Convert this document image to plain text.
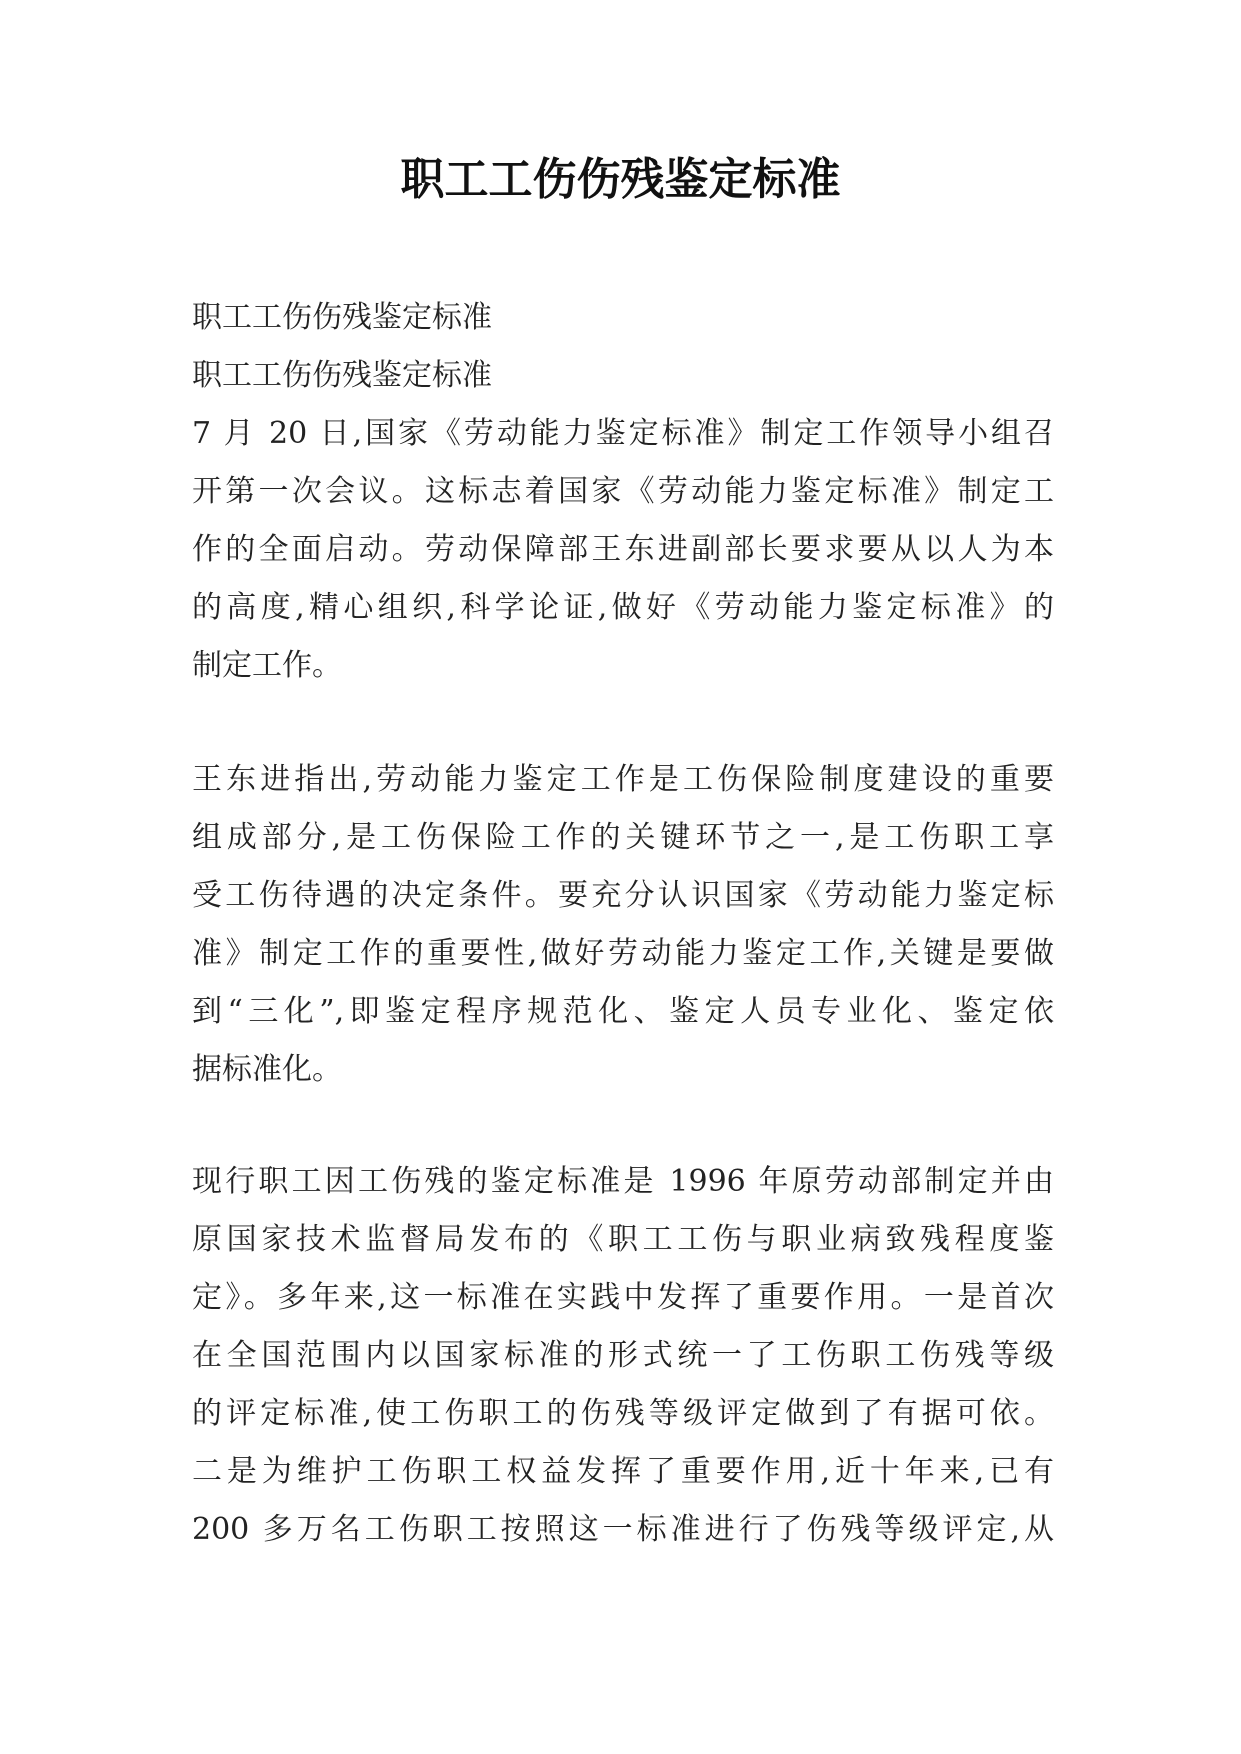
职工工伤伤残鉴定标准

职工工伤伤残鉴定标准

职工工伤伤残鉴定标准

7 月 20 日,国家《劳动能力鉴定标准》制定工作领导小组召
开第一次会议。这标志着国家《劳动能力鉴定标准》制定工
作的全面启动。劳动保障部王东进副部长要求要从以人为本
的高度,精心组织,科学论证,做好《劳动能力鉴定标准》的
制定工作。

王东进指出,劳动能力鉴定工作是工伤保险制度建设的重要
组成部分,是工伤保险工作的关键环节之一,是工伤职工享
受工伤待遇的决定条件。要充分认识国家《劳动能力鉴定标
准》制定工作的重要性,做好劳动能力鉴定工作,关键是要做
到“三化”,即鉴定程序规范化、鉴定人员专业化、鉴定依
据标准化。

现行职工因工伤残的鉴定标准是 1996 年原劳动部制定并由
原国家技术监督局发布的《职工工伤与职业病致残程度鉴
定》。多年来,这一标准在实践中发挥了重要作用。一是首次
在全国范围内以国家标准的形式统一了工伤职工伤残等级
的评定标准,使工伤职工的伤残等级评定做到了有据可依。
二是为维护工伤职工权益发挥了重要作用,近十年来,已有
200 多万名工伤职工按照这一标准进行了伤残等级评定,从
